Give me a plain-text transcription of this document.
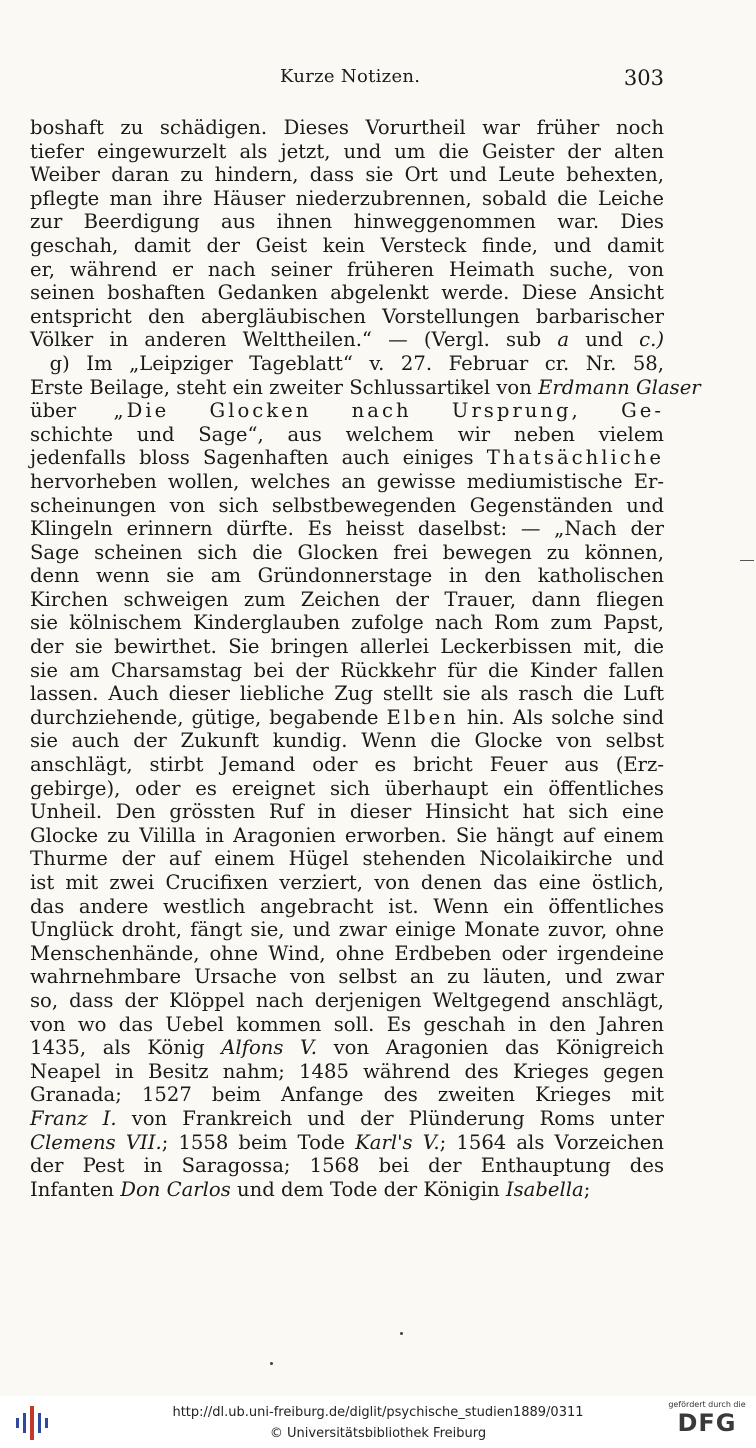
Kurze Notizen.	303
boshaft zu schädigen. Dieses Vorurtheil war früher noch
tiefer eingewurzelt als jetzt, und um die Geister der alten
Weiber daran zu hindern, dass sie Ort und Leute behexten,
pflegte man ihre Häuser niederzubrennen, sobald die Leiche
zur Beerdigung aus ihnen hinweggenommen war. Dies
geschah, damit der Geist kein Versteck finde, und damit
er, während er nach seiner früheren Heimath suche, von
seinen boshaften Gedanken abgelenkt werde. Diese Ansicht
entspricht den abergläubischen Vorstellungen barbarischer
Völker in anderen Welttheilen.“ — (Vergl. sub a und c.)
 g) Im „Leipziger Tageblatt“ v. 27. Februar cr. Nr. 58,
Erste Beilage, steht ein zweiter Schlussartikel von Erdmann Glaser
über „Die Glocken nach Ursprung, Ge-
schichte und Sage“, aus welchem wir neben vielem
jedenfalls bloss Sagenhaften auch einiges Thatsächliche
hervorheben wollen, welches an gewisse mediumistische Er-
scheinungen von sich selbstbewegenden Gegenständen und
Klingeln erinnern dürfte. Es heisst daselbst: — „Nach der
Sage scheinen sich die Glocken frei bewegen zu können,
denn wenn sie am Gründonnerstage in den katholischen
Kirchen schweigen zum Zeichen der Trauer, dann fliegen
sie kölnischem Kinderglauben zufolge nach Rom zum Papst,
der sie bewirthet. Sie bringen allerlei Leckerbissen mit, die
sie am Charsamstag bei der Rückkehr für die Kinder fallen
lassen. Auch dieser liebliche Zug stellt sie als rasch die Luft
durchziehende, gütige, begabende Elben hin. Als solche sind
sie auch der Zukunft kundig. Wenn die Glocke von selbst
anschlägt, stirbt Jemand oder es bricht Feuer aus (Erz-
gebirge), oder es ereignet sich überhaupt ein öffentliches
Unheil. Den grössten Ruf in dieser Hinsicht hat sich eine
Glocke zu Vililla in Aragonien erworben. Sie hängt auf einem
Thurme der auf einem Hügel stehenden Nicolaikirche und
ist mit zwei Crucifixen verziert, von denen das eine östlich,
das andere westlich angebracht ist. Wenn ein öffentliches
Unglück droht, fängt sie, und zwar einige Monate zuvor, ohne
Menschenhände, ohne Wind, ohne Erdbeben oder irgendeine
wahrnehmbare Ursache von selbst an zu läuten, und zwar
so, dass der Klöppel nach derjenigen Weltgegend anschlägt,
von wo das Uebel kommen soll. Es geschah in den Jahren
1435, als König Alfons V. von Aragonien das Königreich
Neapel in Besitz nahm; 1485 während des Krieges gegen
Granada; 1527 beim Anfange des zweiten Krieges mit
Franz I. von Frankreich und der Plünderung Roms unter
Clemens VII.; 1558 beim Tode Karl's V.; 1564 als Vorzeichen
der Pest in Saragossa; 1568 bei der Enthauptung des
Infanten Don Carlos und dem Tode der Königin Isabella;
http://dl.ub.uni-freiburg.de/diglit/psychische_studien1889/0311
© Universitätsbibliothek Freiburg
gefördert durch die
DFG
